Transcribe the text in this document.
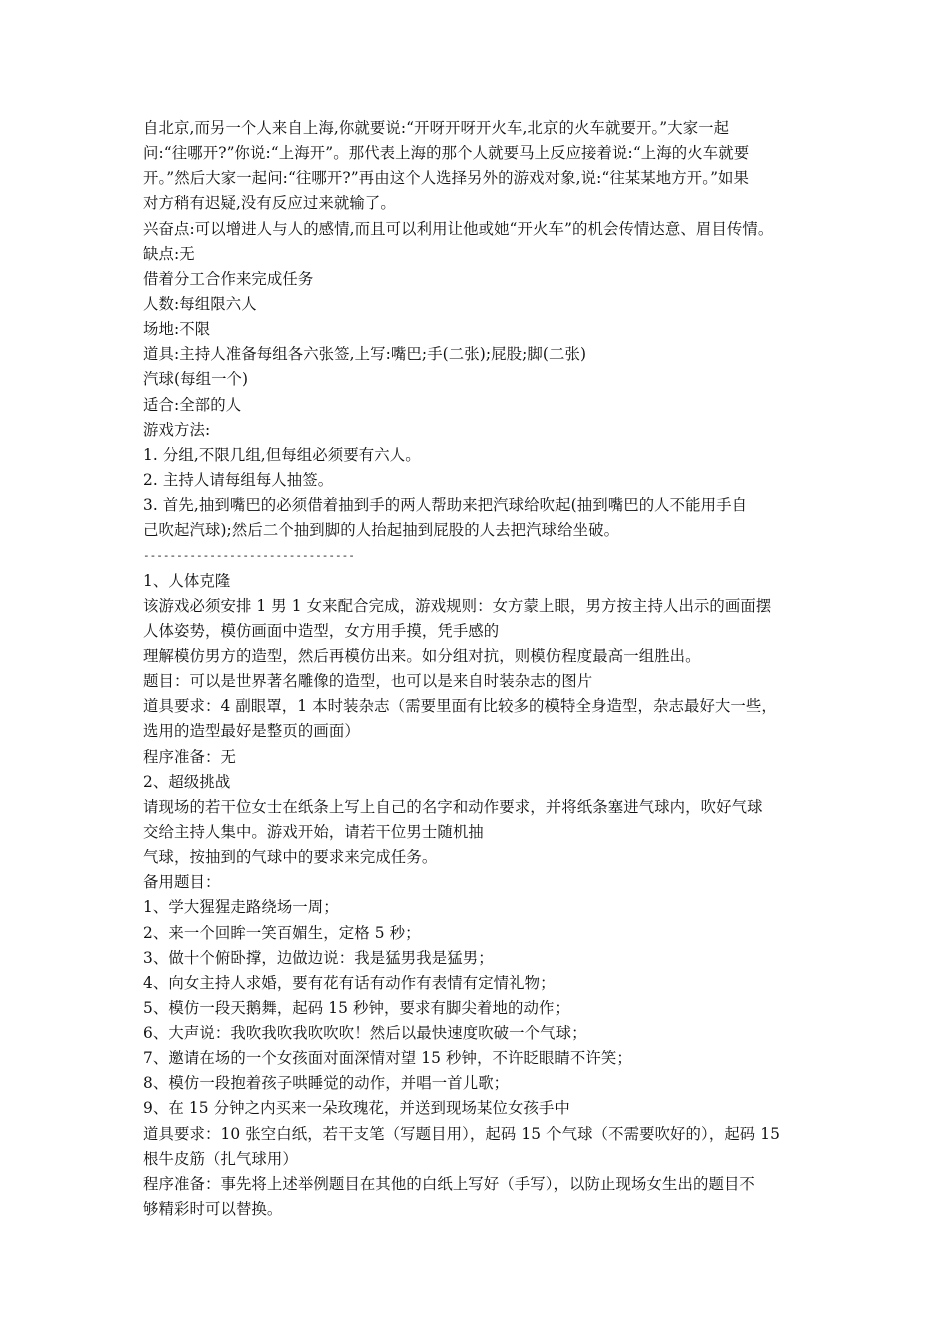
自北京,而另一个人来自上海,你就要说:“开呀开呀开火车,北京的火车就要开。”大家一起
问:“往哪开?”你说:“上海开”。那代表上海的那个人就要马上反应接着说:“上海的火车就要
开。”然后大家一起问:“往哪开?”再由这个人选择另外的游戏对象,说:“往某某地方开。”如果
对方稍有迟疑,没有反应过来就输了。
兴奋点:可以增进人与人的感情,而且可以利用让他或她“开火车”的机会传情达意、眉目传情。
缺点:无
借着分工合作来完成任务
人数:每组限六人
场地:不限
道具:主持人准备每组各六张签,上写:嘴巴;手(二张);屁股;脚(二张)
汽球(每组一个)
适合:全部的人
游戏方法:
1. 分组,不限几组,但每组必须要有六人。
2. 主持人请每组每人抽签。
3. 首先,抽到嘴巴的必须借着抽到手的两人帮助来把汽球给吹起(抽到嘴巴的人不能用手自
己吹起汽球);然后二个抽到脚的人抬起抽到屁股的人去把汽球给坐破。
--------------------------------
1、人体克隆
该游戏必须安排 1 男 1 女来配合完成，游戏规则：女方蒙上眼，男方按主持人出示的画面摆
人体姿势，模仿画面中造型，女方用手摸，凭手感的
理解模仿男方的造型，然后再模仿出来。如分组对抗，则模仿程度最高一组胜出。
题目：可以是世界著名雕像的造型，也可以是来自时装杂志的图片
道具要求：4 副眼罩，1 本时装杂志（需要里面有比较多的模特全身造型，杂志最好大一些，
选用的造型最好是整页的画面）
程序准备：无
2、超级挑战
请现场的若干位女士在纸条上写上自己的名字和动作要求，并将纸条塞进气球内，吹好气球
交给主持人集中。游戏开始，请若干位男士随机抽
气球，按抽到的气球中的要求来完成任务。
备用题目：
1、学大猩猩走路绕场一周；
2、来一个回眸一笑百媚生，定格 5 秒；
3、做十个俯卧撑，边做边说：我是猛男我是猛男；
4、向女主持人求婚，要有花有话有动作有表情有定情礼物；
5、模仿一段天鹅舞，起码 15 秒钟，要求有脚尖着地的动作；
6、大声说：我吹我吹我吹吹吹！然后以最快速度吹破一个气球；
7、邀请在场的一个女孩面对面深情对望 15 秒钟，不许眨眼睛不许笑；
8、模仿一段抱着孩子哄睡觉的动作，并唱一首儿歌；
9、在 15 分钟之内买来一朵玫瑰花，并送到现场某位女孩手中
道具要求：10 张空白纸，若干支笔（写题目用），起码 15 个气球（不需要吹好的），起码 15
根牛皮筋（扎气球用）
程序准备：事先将上述举例题目在其他的白纸上写好（手写），以防止现场女生出的题目不
够精彩时可以替换。
